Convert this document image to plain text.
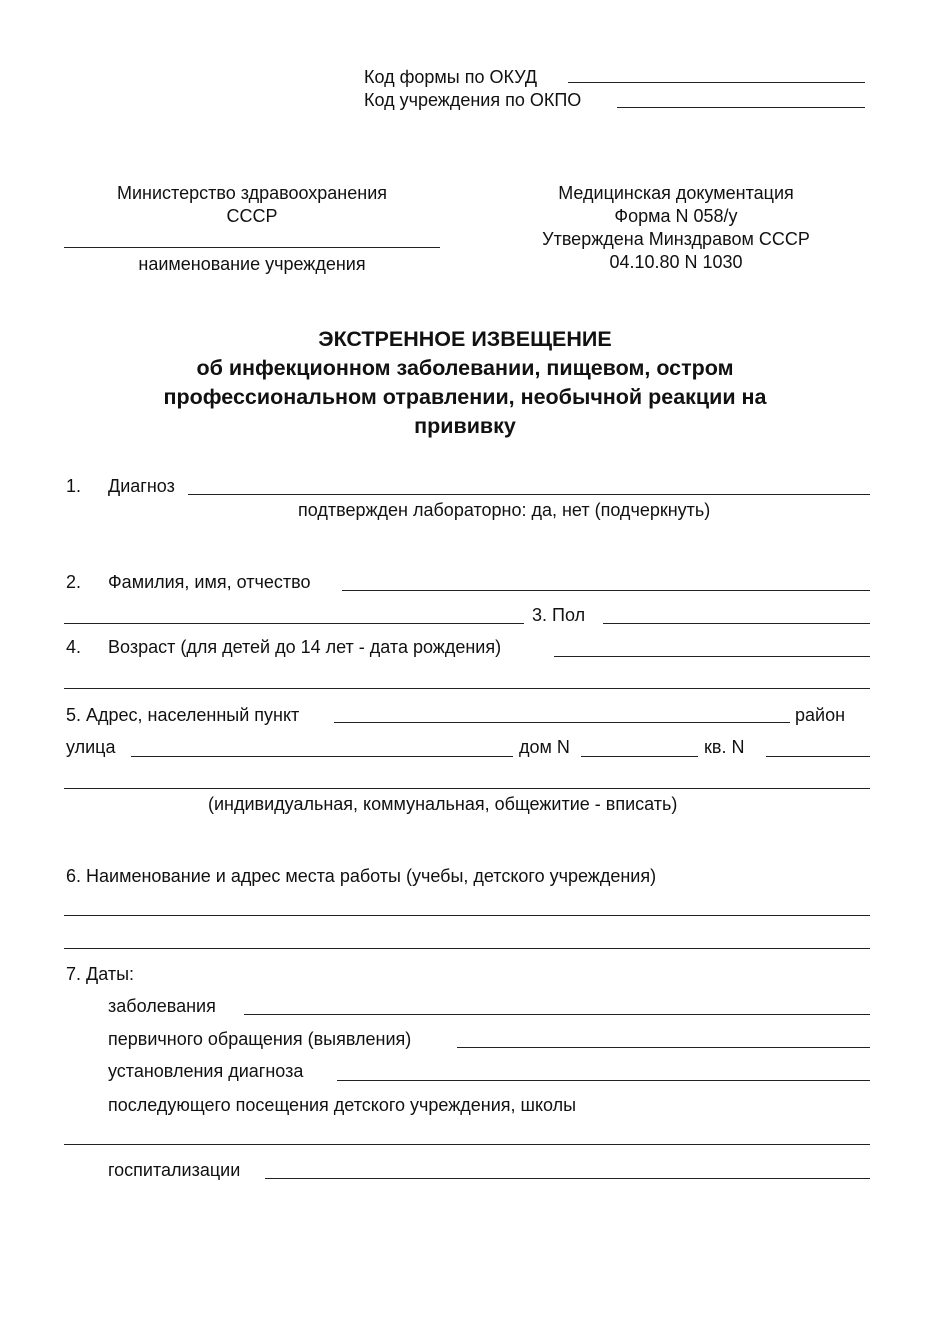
Код формы по ОКУД
Код учреждения по ОКПО
Министерство здравоохранения
СССР
наименование учреждения
Медицинская документация
Форма N 058/у
Утверждена Минздравом СССР
04.10.80 N 1030
ЭКСТРЕННОЕ ИЗВЕЩЕНИЕ
об инфекционном заболевании, пищевом, остром
профессиональном отравлении, необычной реакции на
прививку
1. Диагноз
подтвержден лабораторно: да, нет (подчеркнуть)
2. Фамилия, имя, отчество
3. Пол
4. Возраст (для детей до 14 лет - дата рождения)
5. Адрес, населенный пункт	район
улица	дом N	кв. N
(индивидуальная, коммунальная, общежитие - вписать)
6. Наименование и адрес места работы (учебы, детского учреждения)
7. Даты:
заболевания
первичного обращения (выявления)
установления диагноза
последующего посещения детского учреждения, школы
госпитализации
